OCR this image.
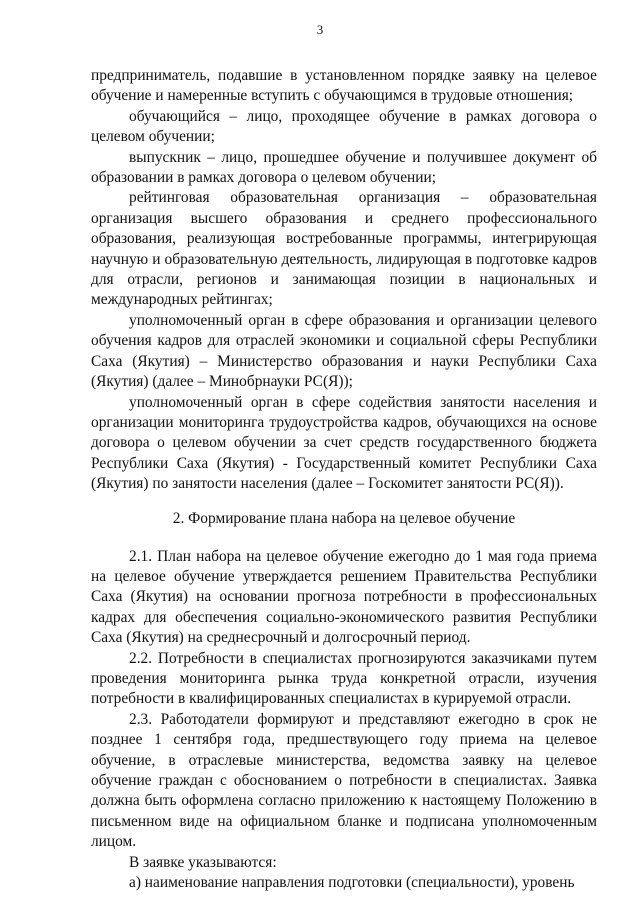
3

предприниматель, подавшие в установленном порядке заявку на целевое обучение и намеренные вступить с обучающимся в трудовые отношения;

обучающийся – лицо, проходящее обучение в рамках договора о целевом обучении;

выпускник – лицо, прошедшее обучение и получившее документ об образовании в рамках договора о целевом обучении;

рейтинговая образовательная организация – образовательная организация высшего образования и среднего профессионального образования, реализующая востребованные программы, интегрирующая научную и образовательную деятельность, лидирующая в подготовке кадров для отрасли, регионов и занимающая позиции в национальных и международных рейтингах;

уполномоченный орган в сфере образования и организации целевого обучения кадров для отраслей экономики и социальной сферы Республики Саха (Якутия) – Министерство образования и науки Республики Саха (Якутия) (далее – Минобрнауки РС(Я));

уполномоченный орган в сфере содействия занятости населения и организации мониторинга трудоустройства кадров, обучающихся на основе договора о целевом обучении за счет средств государственного бюджета Республики Саха (Якутия) - Государственный комитет Республики Саха (Якутия) по занятости населения (далее – Госкомитет занятости РС(Я)).

2. Формирование плана набора на целевое обучение

2.1. План набора на целевое обучение ежегодно до 1 мая года приема на целевое обучение утверждается решением Правительства Республики Саха (Якутия) на основании прогноза потребности в профессиональных кадрах для обеспечения социально-экономического развития Республики Саха (Якутия) на среднесрочный и долгосрочный период.

2.2. Потребности в специалистах прогнозируются заказчиками путем проведения мониторинга рынка труда конкретной отрасли, изучения потребности в квалифицированных специалистах в курируемой отрасли.

2.3. Работодатели формируют и представляют ежегодно в срок не позднее 1 сентября года, предшествующего году приема на целевое обучение, в отраслевые министерства, ведомства заявку на целевое обучение граждан с обоснованием о потребности в специалистах. Заявка должна быть оформлена согласно приложению к настоящему Положению в письменном виде на официальном бланке и подписана уполномоченным лицом.

В заявке указываются:

а) наименование направления подготовки (специальности), уровень
